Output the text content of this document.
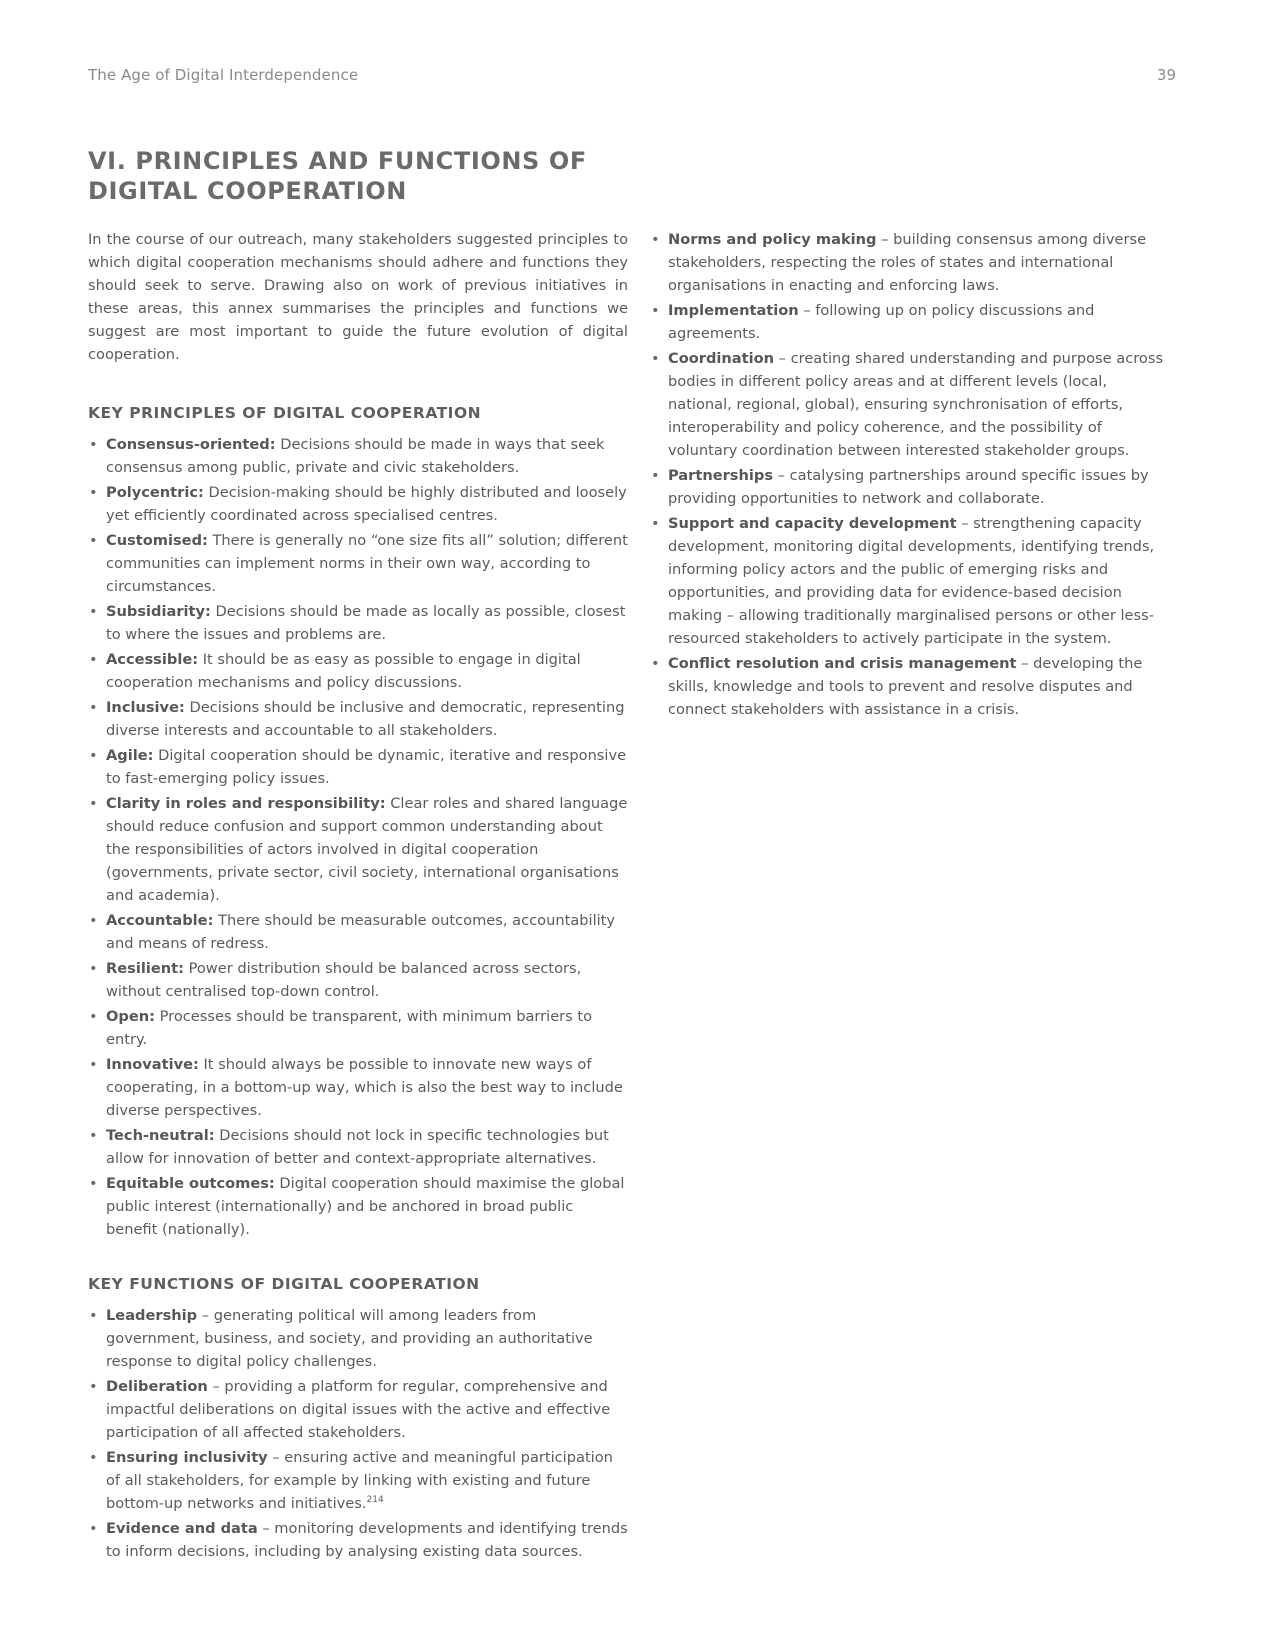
The Age of Digital Interdependence	39
VI. PRINCIPLES AND FUNCTIONS OF DIGITAL COOPERATION

In the course of our outreach, many stakeholders suggested principles to which digital cooperation mechanisms should adhere and functions they should seek to serve. Drawing also on work of previous initiatives in these areas, this annex summarises the principles and functions we suggest are most important to guide the future evolution of digital cooperation.

KEY PRINCIPLES OF DIGITAL COOPERATION
• Consensus-oriented: Decisions should be made in ways that seek consensus among public, private and civic stakeholders.
• Polycentric: Decision-making should be highly distributed and loosely yet efficiently coordinated across specialised centres.
• Customised: There is generally no “one size fits all” solution; different communities can implement norms in their own way, according to circumstances.
• Subsidiarity: Decisions should be made as locally as possible, closest to where the issues and problems are.
• Accessible: It should be as easy as possible to engage in digital cooperation mechanisms and policy discussions.
• Inclusive: Decisions should be inclusive and democratic, representing diverse interests and accountable to all stakeholders.
• Agile: Digital cooperation should be dynamic, iterative and responsive to fast-emerging policy issues.
• Clarity in roles and responsibility: Clear roles and shared language should reduce confusion and support common understanding about the responsibilities of actors involved in digital cooperation (governments, private sector, civil society, international organisations and academia).
• Accountable: There should be measurable outcomes, accountability and means of redress.
• Resilient: Power distribution should be balanced across sectors, without centralised top-down control.
• Open: Processes should be transparent, with minimum barriers to entry.
• Innovative: It should always be possible to innovate new ways of cooperating, in a bottom-up way, which is also the best way to include diverse perspectives.
• Tech-neutral: Decisions should not lock in specific technologies but allow for innovation of better and context-appropriate alternatives.
• Equitable outcomes: Digital cooperation should maximise the global public interest (internationally) and be anchored in broad public benefit (nationally).
KEY FUNCTIONS OF DIGITAL COOPERATION
• Leadership – generating political will among leaders from government, business, and society, and providing an authoritative response to digital policy challenges.
• Deliberation – providing a platform for regular, comprehensive and impactful deliberations on digital issues with the active and effective participation of all affected stakeholders.
• Ensuring inclusivity – ensuring active and meaningful participation of all stakeholders, for example by linking with existing and future bottom-up networks and initiatives.$^{214}$
• Evidence and data – monitoring developments and identifying trends to inform decisions, including by analysing existing data sources.
• Norms and policy making – building consensus among diverse stakeholders, respecting the roles of states and international organisations in enacting and enforcing laws.
• Implementation – following up on policy discussions and agreements.
• Coordination – creating shared understanding and purpose across bodies in different policy areas and at different levels (local, national, regional, global), ensuring synchronisation of efforts, interoperability and policy coherence, and the possibility of voluntary coordination between interested stakeholder groups.
• Partnerships – catalysing partnerships around specific issues by providing opportunities to network and collaborate.
• Support and capacity development – strengthening capacity development, monitoring digital developments, identifying trends, informing policy actors and the public of emerging risks and opportunities, and providing data for evidence-based decision making – allowing traditionally marginalised persons or other less-resourced stakeholders to actively participate in the system.
• Conflict resolution and crisis management – developing the skills, knowledge and tools to prevent and resolve disputes and connect stakeholders with assistance in a crisis.
